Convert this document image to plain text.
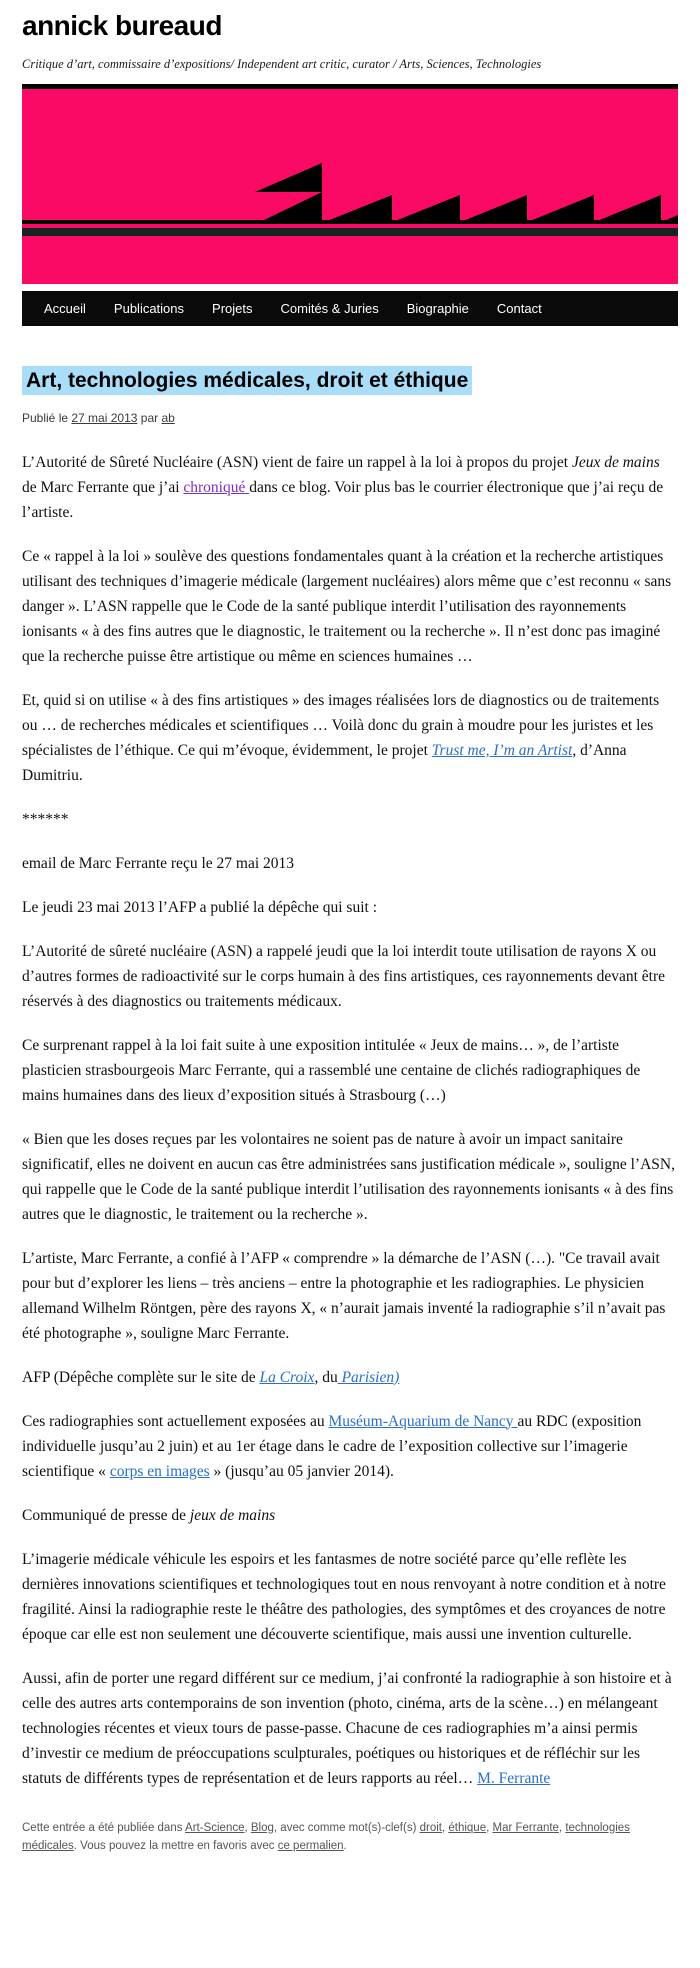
annick bureaud
Critique d’art, commissaire d’expositions/ Independent art critic, curator / Arts, Sciences, Technologies
Accueil	Publications	Projets	Comités & Juries	Biographie	Contact
Art, technologies médicales, droit et éthique
Publié le 27 mai 2013 par ab

L’Autorité de Sûreté Nucléaire (ASN) vient de faire un rappel à la loi à propos du projet Jeux de mains de Marc Ferrante que j’ai chroniqué dans ce blog. Voir plus bas le courrier électronique que j’ai reçu de l’artiste.

Ce « rappel à la loi » soulève des questions fondamentales quant à la création et la recherche artistiques utilisant des techniques d’imagerie médicale (largement nucléaires) alors même que c’est reconnu « sans danger ». L’ASN rappelle que le Code de la santé publique interdit l’utilisation des rayonnements ionisants « à des fins autres que le diagnostic, le traitement ou la recherche ». Il n’est donc pas imaginé que la recherche puisse être artistique ou même en sciences humaines …

Et, quid si on utilise « à des fins artistiques » des images réalisées lors de diagnostics ou de traitements ou … de recherches médicales et scientifiques … Voilà donc du grain à moudre pour les juristes et les spécialistes de l’éthique. Ce qui m’évoque, évidemment, le projet Trust me, I’m an Artist, d’Anna Dumitriu.

******

email de Marc Ferrante reçu le 27 mai 2013

Le jeudi 23 mai 2013 l’AFP a publié la dépêche qui suit :

L’Autorité de sûreté nucléaire (ASN) a rappelé jeudi que la loi interdit toute utilisation de rayons X ou d’autres formes de radioactivité sur le corps humain à des fins artistiques, ces rayonnements devant être réservés à des diagnostics ou traitements médicaux.

Ce surprenant rappel à la loi fait suite à une exposition intitulée « Jeux de mains… », de l’artiste plasticien strasbourgeois Marc Ferrante, qui a rassemblé une centaine de clichés radiographiques de mains humaines dans des lieux d’exposition situés à Strasbourg (…)

« Bien que les doses reçues par les volontaires ne soient pas de nature à avoir un impact sanitaire significatif, elles ne doivent en aucun cas être administrées sans justification médicale », souligne l’ASN, qui rappelle que le Code de la santé publique interdit l’utilisation des rayonnements ionisants « à des fins autres que le diagnostic, le traitement ou la recherche ».

L’artiste, Marc Ferrante, a confié à l’AFP « comprendre » la démarche de l’ASN (…). "Ce travail avait pour but d’explorer les liens – très anciens – entre la photographie et les radiographies. Le physicien allemand Wilhelm Röntgen, père des rayons X, « n’aurait jamais inventé la radiographie s’il n’avait pas été photographe », souligne Marc Ferrante.

AFP (Dépêche complète sur le site de La Croix, du Parisien)

Ces radiographies sont actuellement exposées au Muséum-Aquarium de Nancy au RDC (exposition individuelle jusqu’au 2 juin) et au 1er étage dans le cadre de l’exposition collective sur l’imagerie scientifique « corps en images » (jusqu’au 05 janvier 2014).

Communiqué de presse de jeux de mains

L’imagerie médicale véhicule les espoirs et les fantasmes de notre société parce qu’elle reflète les dernières innovations scientifiques et technologiques tout en nous renvoyant à notre condition et à notre fragilité. Ainsi la radiographie reste le théâtre des pathologies, des symptômes et des croyances de notre époque car elle est non seulement une découverte scientifique, mais aussi une invention culturelle.

Aussi, afin de porter une regard différent sur ce medium, j’ai confronté la radiographie à son histoire et à celle des autres arts contemporains de son invention (photo, cinéma, arts de la scène…) en mélangeant technologies récentes et vieux tours de passe-passe. Chacune de ces radiographies m’a ainsi permis d’investir ce medium de préoccupations sculpturales, poétiques ou historiques et de réfléchir sur les statuts de différents types de représentation et de leurs rapports au réel… M. Ferrante

Cette entrée a été publiée dans Art-Science, Blog, avec comme mot(s)-clef(s) droit, éthique, Mar Ferrante, technologies médicales. Vous pouvez la mettre en favoris avec ce permalien.
